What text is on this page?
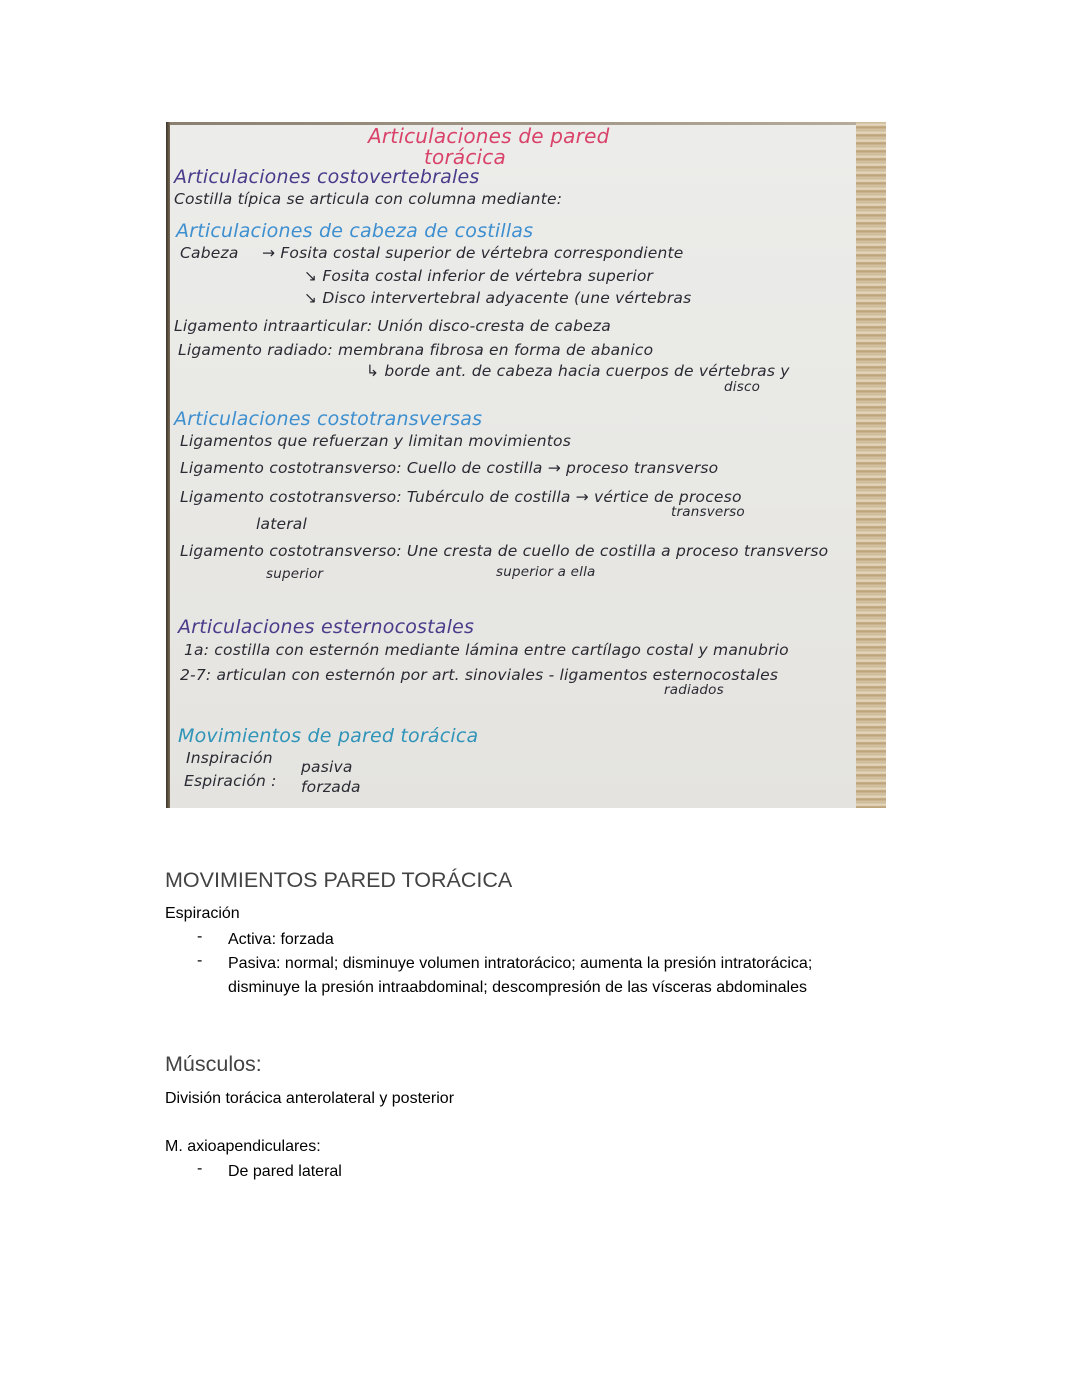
Articulaciones de pared
torácica
Articulaciones costovertebrales
Costilla típica se articula con columna mediante:
Articulaciones de cabeza de costillas
Cabeza → Fosita costal superior de vértebra correspondiente
↘ Fosita costal inferior de vértebra superior
↘ Disco intervertebral adyacente (une vértebras
Ligamento intraarticular: Unión disco-cresta de cabeza
Ligamento radiado: membrana fibrosa en forma de abanico
↳ borde ant. de cabeza hacia cuerpos de vértebras y
disco
Articulaciones costotransversas
Ligamentos que refuerzan y limitan movimientos
Ligamento costotransverso: Cuello de costilla → proceso transverso
Ligamento costotransverso: Tubérculo de costilla → vértice de proceso
transverso
lateral
Ligamento costotransverso: Une cresta de cuello de costilla a proceso transverso
superior	superior a ella
Articulaciones esternocostales
1a: costilla con esternón mediante lámina entre cartílago costal y manubrio
2-7: articulan con esternón por art. sinoviales - ligamentos esternocostales
radiados
Movimientos de pared torácica
Inspiración
Espiración :
pasiva
forzada
MOVIMIENTOS PARED TORÁCICA
Espiración
- Activa: forzada
- Pasiva: normal; disminuye volumen intratorácico; aumenta la presión intratorácica;
disminuye la presión intraabdominal; descompresión de las vísceras abdominales
Músculos:
División torácica anterolateral y posterior
M. axioapendiculares:
- De pared lateral
